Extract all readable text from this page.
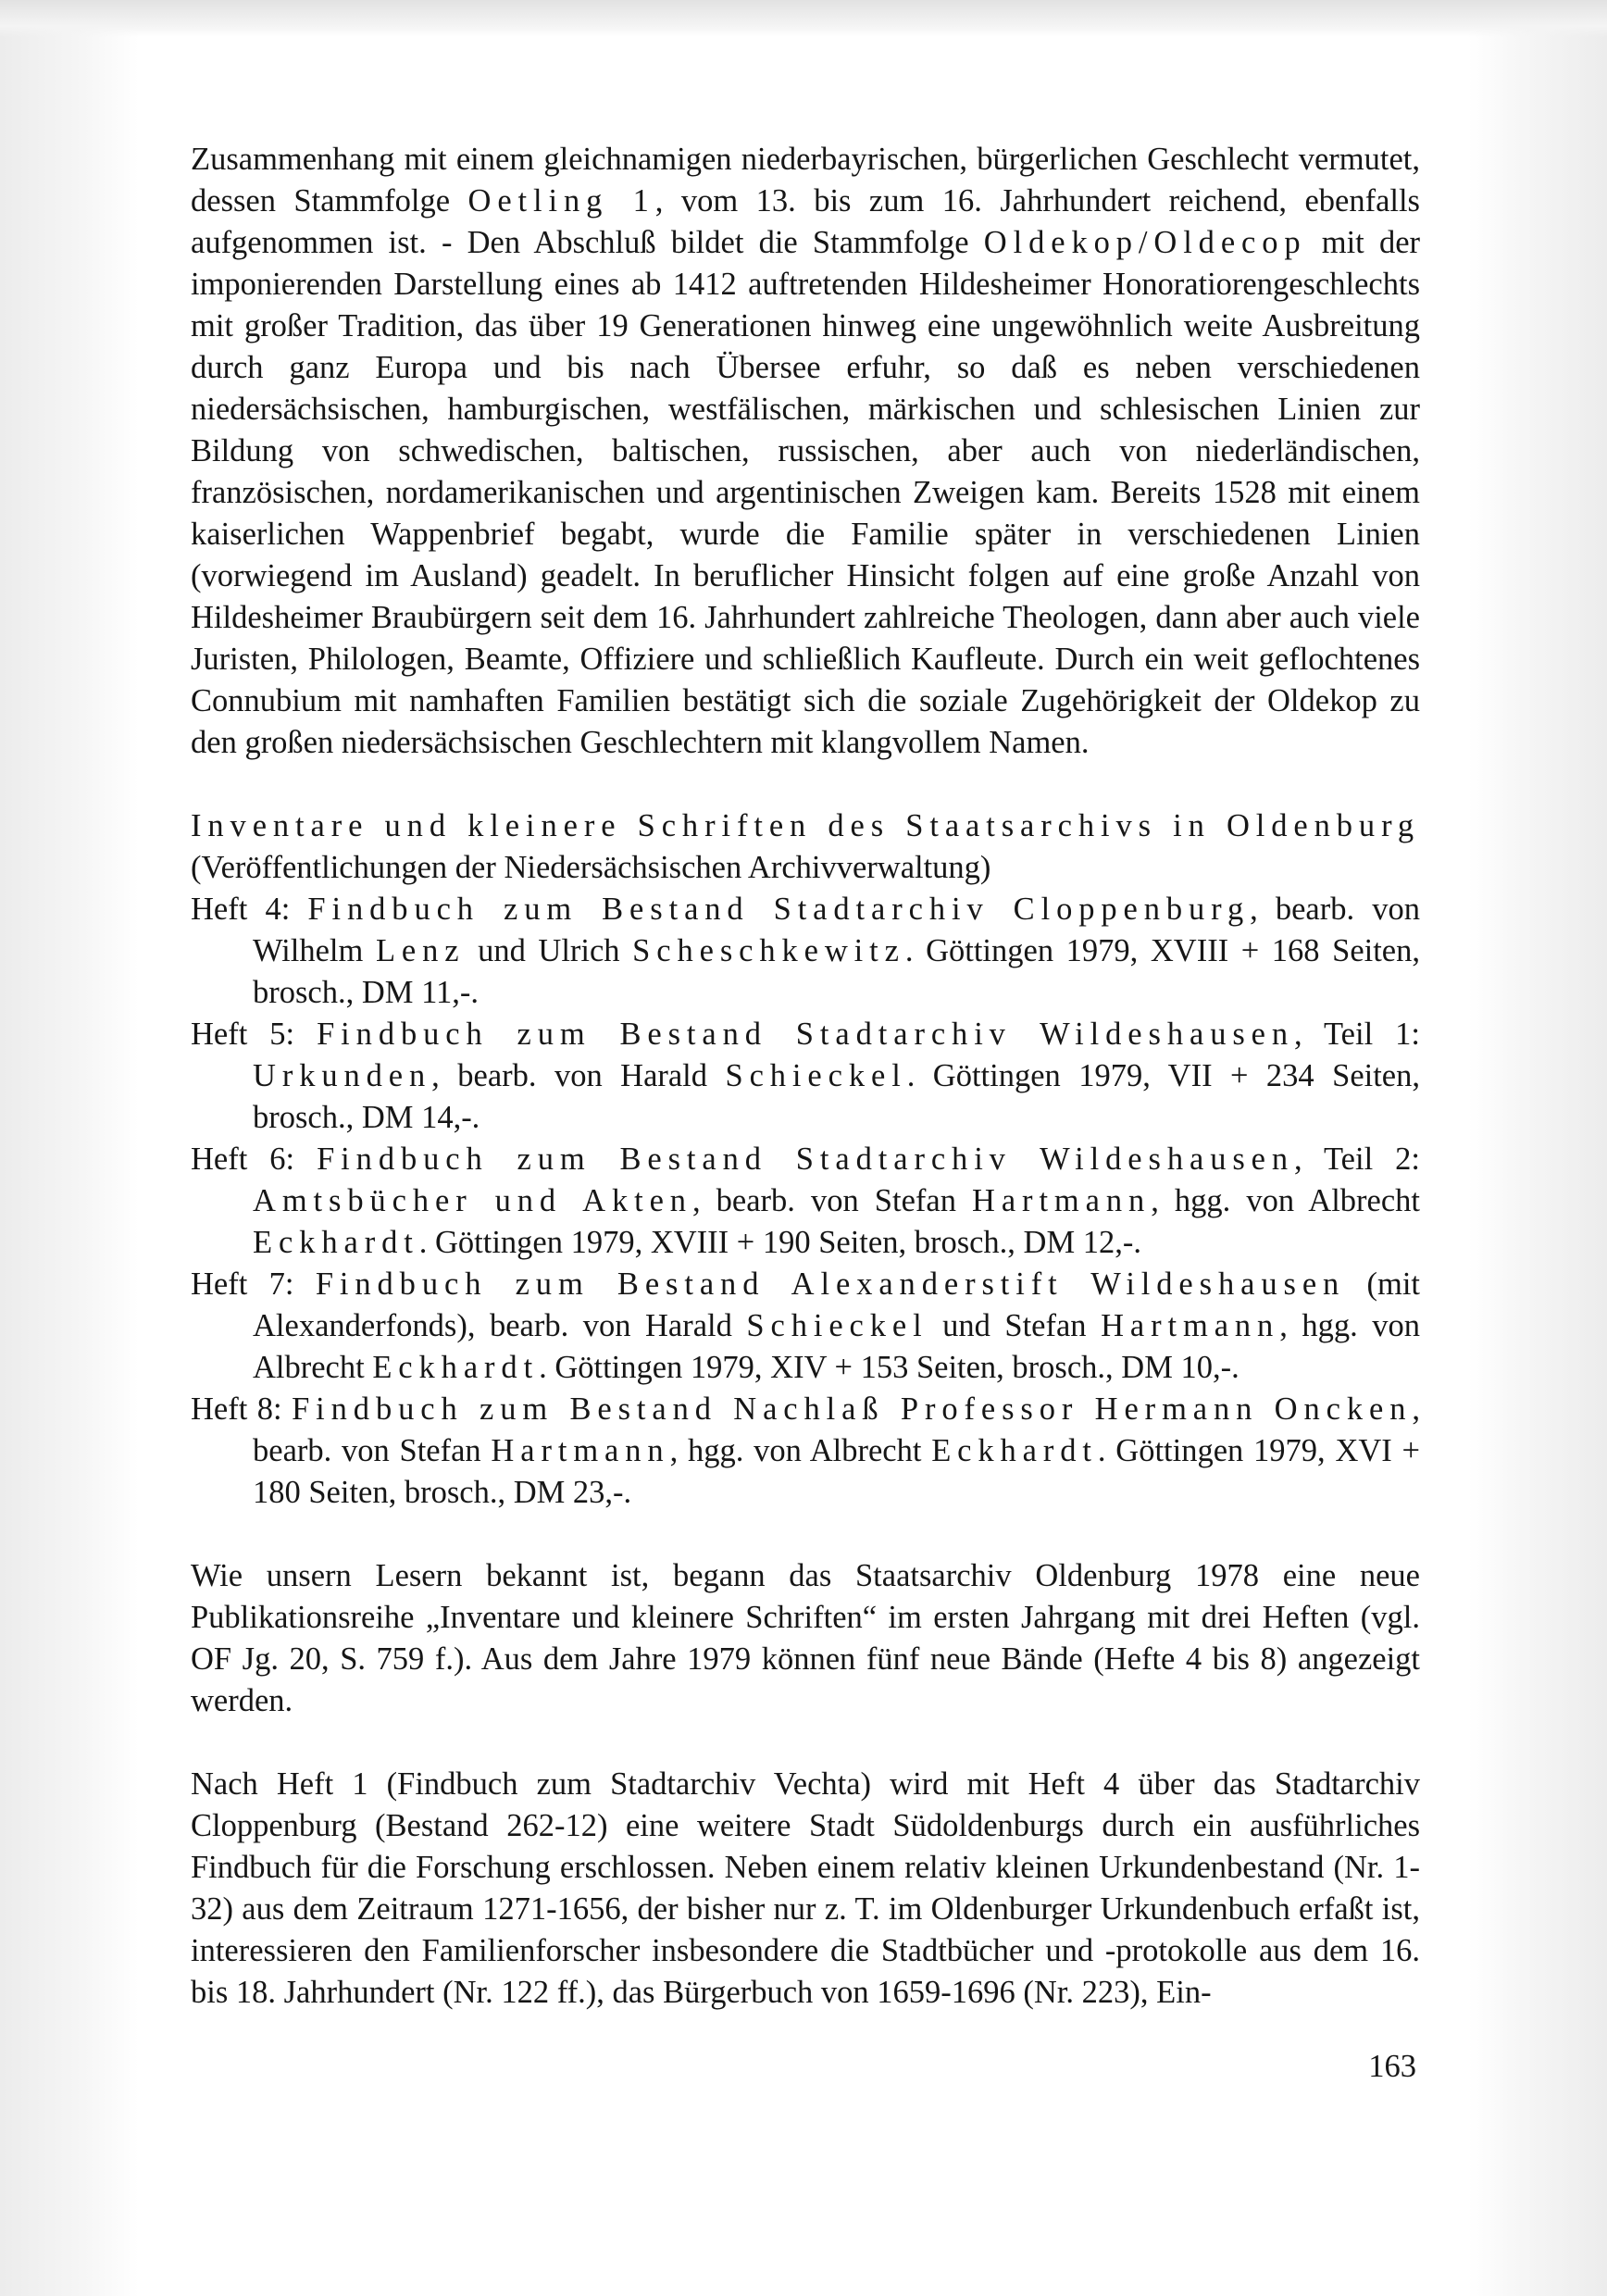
Zusammenhang mit einem gleichnamigen niederbayrischen, bürgerlichen Geschlecht vermutet, dessen Stammfolge Oetling 1, vom 13. bis zum 16. Jahrhundert reichend, ebenfalls aufgenommen ist. - Den Abschluß bildet die Stammfolge Oldekop/Oldecop mit der imponierenden Darstellung eines ab 1412 auftretenden Hildesheimer Honoratiorengeschlechts mit großer Tradition, das über 19 Generationen hinweg eine ungewöhnlich weite Ausbreitung durch ganz Europa und bis nach Übersee erfuhr, so daß es neben verschiedenen niedersächsischen, hamburgischen, westfälischen, märkischen und schlesischen Linien zur Bildung von schwedischen, baltischen, russischen, aber auch von niederländischen, französischen, nordamerikanischen und argentinischen Zweigen kam. Bereits 1528 mit einem kaiserlichen Wappenbrief begabt, wurde die Familie später in verschiedenen Linien (vorwiegend im Ausland) geadelt. In beruflicher Hinsicht folgen auf eine große Anzahl von Hildesheimer Braubürgern seit dem 16. Jahrhundert zahlreiche Theologen, dann aber auch viele Juristen, Philologen, Beamte, Offiziere und schließlich Kaufleute. Durch ein weit geflochtenes Connubium mit namhaften Familien bestätigt sich die soziale Zugehörigkeit der Oldekop zu den großen niedersächsischen Geschlechtern mit klangvollem Namen.

Inventare und kleinere Schriften des Staatsarchivs in Oldenburg (Veröffentlichungen der Niedersächsischen Archivverwaltung)

Heft 4: Findbuch zum Bestand Stadtarchiv Cloppenburg, bearb. von Wilhelm Lenz und Ulrich Scheschkewitz. Göttingen 1979, XVIII + 168 Seiten, brosch., DM 11,-.

Heft 5: Findbuch zum Bestand Stadtarchiv Wildeshausen, Teil 1: Urkunden, bearb. von Harald Schieckel. Göttingen 1979, VII + 234 Seiten, brosch., DM 14,-.

Heft 6: Findbuch zum Bestand Stadtarchiv Wildeshausen, Teil 2: Amtsbücher und Akten, bearb. von Stefan Hartmann, hgg. von Albrecht Eckhardt. Göttingen 1979, XVIII + 190 Seiten, brosch., DM 12,-.

Heft 7: Findbuch zum Bestand Alexanderstift Wildeshausen (mit Alexanderfonds), bearb. von Harald Schieckel und Stefan Hartmann, hgg. von Albrecht Eckhardt. Göttingen 1979, XIV + 153 Seiten, brosch., DM 10,-.

Heft 8: Findbuch zum Bestand Nachlaß Professor Hermann Oncken, bearb. von Stefan Hartmann, hgg. von Albrecht Eckhardt. Göttingen 1979, XVI + 180 Seiten, brosch., DM 23,-.

Wie unsern Lesern bekannt ist, begann das Staatsarchiv Oldenburg 1978 eine neue Publikationsreihe „Inventare und kleinere Schriften“ im ersten Jahrgang mit drei Heften (vgl. OF Jg. 20, S. 759 f.). Aus dem Jahre 1979 können fünf neue Bände (Hefte 4 bis 8) angezeigt werden.

Nach Heft 1 (Findbuch zum Stadtarchiv Vechta) wird mit Heft 4 über das Stadtarchiv Cloppenburg (Bestand 262-12) eine weitere Stadt Südoldenburgs durch ein ausführliches Findbuch für die Forschung erschlossen. Neben einem relativ kleinen Urkundenbestand (Nr. 1-32) aus dem Zeitraum 1271-1656, der bisher nur z. T. im Oldenburger Urkundenbuch erfaßt ist, interessieren den Familienforscher insbesondere die Stadtbücher und -protokolle aus dem 16. bis 18. Jahrhundert (Nr. 122 ff.), das Bürgerbuch von 1659-1696 (Nr. 223), Ein-

163
